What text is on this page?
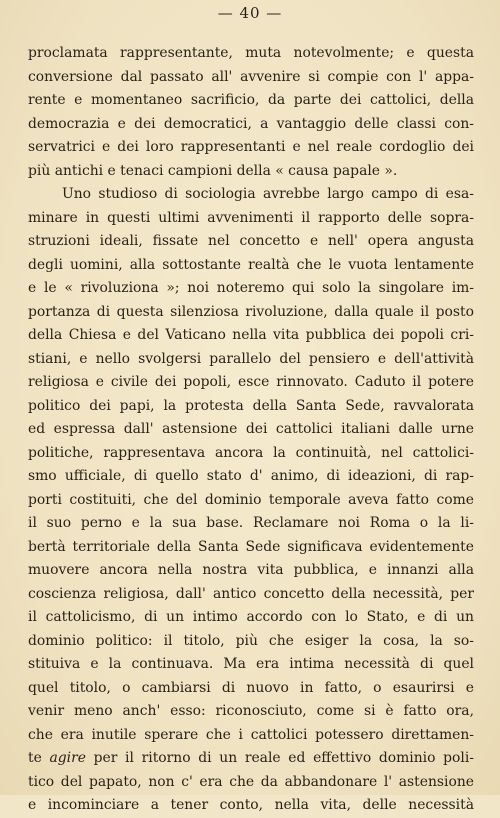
— 40 —
proclamata rappresentante, muta notevolmente; e questa
conversione dal passato all' avvenire si compie con l' appa-
rente e momentaneo sacrificio, da parte dei cattolici, della
democrazia e dei democratici, a vantaggio delle classi con-
servatrici e dei loro rappresentanti e nel reale cordoglio dei
più antichi e tenaci campioni della « causa papale ».
Uno studioso di sociologia avrebbe largo campo di esa-
minare in questi ultimi avvenimenti il rapporto delle sopra-
struzioni ideali, fissate nel concetto e nell' opera angusta
degli uomini, alla sottostante realtà che le vuota lentamente
e le « rivoluziona »; noi noteremo qui solo la singolare im-
portanza di questa silenziosa rivoluzione, dalla quale il posto
della Chiesa e del Vaticano nella vita pubblica dei popoli cri-
stiani, e nello svolgersi parallelo del pensiero e dell'attività
religiosa e civile dei popoli, esce rinnovato. Caduto il potere
politico dei papi, la protesta della Santa Sede, ravvalorata
ed espressa dall' astensione dei cattolici italiani dalle urne
politiche, rappresentava ancora la continuità, nel cattolici-
smo ufficiale, di quello stato d' animo, di ideazioni, di rap-
porti costituiti, che del dominio temporale aveva fatto come
il suo perno e la sua base. Reclamare noi Roma o la li-
bertà territoriale della Santa Sede significava evidentemente
muovere ancora nella nostra vita pubblica, e innanzi alla
coscienza religiosa, dall' antico concetto della necessità, per
il cattolicismo, di un intimo accordo con lo Stato, e di un
dominio politico: il titolo, più che esiger la cosa, la so-
stituiva e la continuava. Ma era intima necessità di quel
quel titolo, o cambiarsi di nuovo in fatto, o esaurirsi e
venir meno anch' esso: riconosciuto, come si è fatto ora,
che era inutile sperare che i cattolici potessero direttamen-
te agire per il ritorno di un reale ed effettivo dominio poli-
tico del papato, non c' era che da abbandonare l' astensione
e incominciare a tener conto, nella vita, delle necessità
